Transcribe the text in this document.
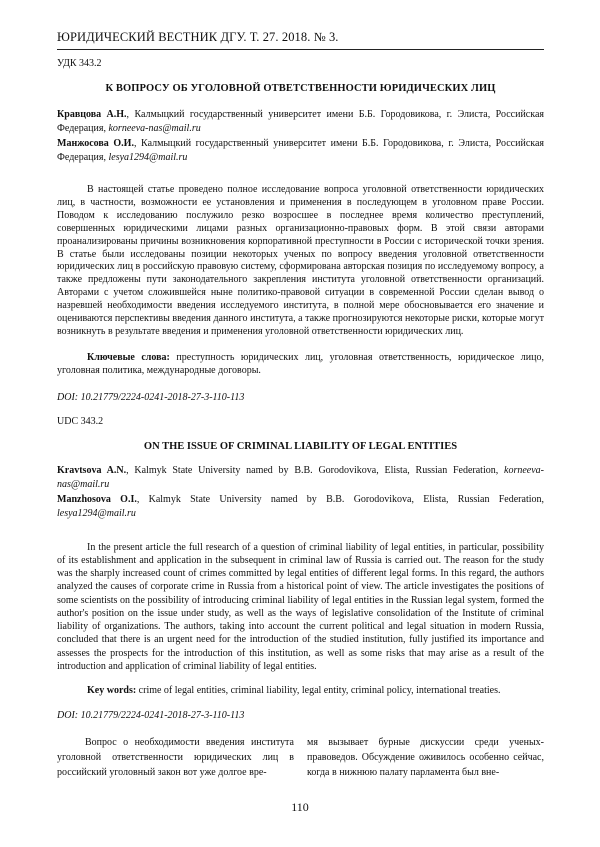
ЮРИДИЧЕСКИЙ ВЕСТНИК ДГУ. Т. 27. 2018. № 3.
УДК 343.2
К ВОПРОСУ ОБ УГОЛОВНОЙ ОТВЕТСТВЕННОСТИ ЮРИДИЧЕСКИХ ЛИЦ
Кравцова А.Н., Калмыцкий государственный университет имени Б.Б. Городовикова, г. Элиста, Российская Федерация, korneeva-nas@mail.ru
Манжосова О.И., Калмыцкий государственный университет имени Б.Б. Городовикова, г. Элиста, Российская Федерация, lesya1294@mail.ru

В настоящей статье проведено полное исследование вопроса уголовной ответственности юридических лиц, в частности, возможности ее установления и применения в последующем в уголовном праве России. Поводом к исследованию послужило резко возросшее в последнее время количество преступлений, совершенных юридическими лицами разных организационно-правовых форм. В этой связи авторами проанализированы причины возникновения корпоративной преступности в России с исторической точки зрения. В статье были исследованы позиции некоторых ученых по вопросу введения уголовной ответственности юридических лиц в российскую правовую систему, сформирована авторская позиция по исследуемому вопросу, а также предложены пути законодательного закрепления института уголовной ответственности организаций. Авторами с учетом сложившейся ныне политико-правовой ситуации в современной России сделан вывод о назревшей необходимости введения исследуемого института, в полной мере обосновывается его значение и оцениваются перспективы введения данного института, а также прогнозируются некоторые риски, которые могут возникнуть в результате введения и применения уголовной ответственности юридических лиц.

Ключевые слова: преступность юридических лиц, уголовная ответственность, юридическое лицо, уголовная политика, международные договоры.

DOI: 10.21779/2224-0241-2018-27-3-110-113
UDC 343.2
ON THE ISSUE OF CRIMINAL LIABILITY OF LEGAL ENTITIES
Kravtsova A.N., Kalmyk State University named by B.B. Gorodovikova, Elista, Russian Federation, korneeva-nas@mail.ru
Manzhosova O.I., Kalmyk State University named by B.B. Gorodovikova, Elista, Russian Federation, lesya1294@mail.ru

In the present article the full research of a question of criminal liability of legal entities, in particular, possibility of its establishment and application in the subsequent in criminal law of Russia is carried out. The reason for the study was the sharply increased count of crimes committed by legal entities of different legal forms. In this regard, the authors analyzed the causes of corporate crime in Russia from a historical point of view. The article investigates the positions of some scientists on the possibility of introducing criminal liability of legal entities in the Russian legal system, formed the author's position on the issue under study, as well as the ways of legislative consolidation of the Institute of criminal liability of organizations. The authors, taking into account the current political and legal situation in modern Russia, concluded that there is an urgent need for the introduction of the studied institution, fully justified its importance and assesses the prospects for the introduction of this institution, as well as some risks that may arise as a result of the introduction and application of criminal liability of legal entities.

Key words: crime of legal entities, criminal liability, legal entity, criminal policy, international treaties.

DOI: 10.21779/2224-0241-2018-27-3-110-113
Вопрос о необходимости введения института уголовной ответственности юридических лиц в российский уголовный закон вот уже долгое вре-
мя вызывает бурные дискуссии среди ученых-правоведов. Обсуждение оживилось особенно сейчас, когда в нижнюю палату парламента был вне-
110
